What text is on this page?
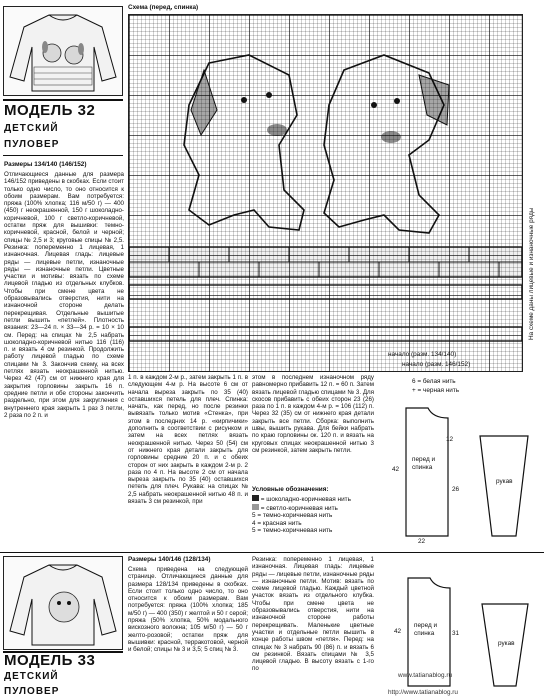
МОДЕЛЬ 32
ДЕТСКИЙ
ПУЛОВЕР
Размеры 134/140 (146/152)
Отличающиеся данные для размера 146/152 приведены в скобках. Если стоит только одно число, то оно относится к обоим размерам. Вам потребуется: пряжа (100% хлопка; 116 м/50 г) — 400 (450) г неокрашенной, 150 г шоколадно-коричневой, 100 г светло-коричневой, остатки пряж для вышивки: темно-коричневой, красной, белой и черной; спицы № 2,5 и 3; круговые спицы № 2,5. Резинка: попеременно 1 лицевая, 1 изнаночная. Лицевая гладь: лицевые ряды — лицевые петли, изнаночные ряды — изнаночные петли. Цветные участки и мотивы: вязать по схеме лицевой гладью из отдельных клубков. Чтобы при смене цвета не образовывались отверстия, нити на изнаночной стороне делать перекрещивая. Отдельные вышитые петли вышить «петлей». Плотность вязания: 23—24 п. × 33—34 р. = 10 × 10 см. Перед: на спицах № 2,5 набрать шоколадно-коричневой нитью 116 (116) п. и вязать 4 см резинкой. Продолжить работу лицевой гладью по схеме спицами № 3. Закончив схему, на всех петлях вязать неокрашенной нитью. Через 42 (47) см от нижнего края для закрытия горловины закрыть 16 п. средние петли и обе стороны закончить раздельно, при этом для закругления с внутреннего края закрыть 1 раз 3 петли, 2 раза по 2 п. и
Схема (перед, спинка)
начало (разм. 134/140)
начало (разм. 146/152)
На схеме даны лицевые и изнаночные ряды
1 п. в каждом 2-м р., затем закрыть 1 п. в следующем 4-м р. На высоте 6 см от начала выреза закрыть по 35 (40) оставшихся петель для плеч. Спинка: начать, как перед, но после резинки вывязать только мотив «Стенка», при этом в последних 14 р. «кирпичики» дополнить в соответствии с рисунком и затем на всех петлях вязать неокрашенной нитью. Через 50 (54) см от нижнего края детали закрыть для горловины средние 20 п. и с обеих сторон от них закрыть в каждом 2-м р. 2 раза по 4 п. На высоте 2 см от начала выреза закрыть по 35 (40) оставшихся петель для плеч. Рукава: на спицах № 2,5 набрать неокрашенной нитью 48 п. и вязать 3 см резинкой, при
этом в последнем изнаночном ряду равномерно прибавить 12 п. = 60 п. Затем вязать лицевой гладью спицами № 3. Для скосов прибавить с обеих сторон 23 (26) раза по 1 п. в каждом 4-м р. = 106 (112) п. Через 32 (35) см от нижнего края детали закрыть все петли. Сборка: выполнить швы, вышить рукава. Для бейки набрать по краю горловины ок. 120 п. и вязать на круговых спицах неокрашенной нитью 3 см резинкой, затем закрыть петли.
Условные обозначения:
= шоколадно-коричневая нить
= светло-коричневая нить
5 = темно-коричневая нить
4 = красная нить
5 = темно-коричневая нить
6 = белая нить
+ = черная нить
перед и спинка
рукав
12
22
42
26
МОДЕЛЬ 33
ДЕТСКИЙ
ПУЛОВЕР
Размеры 140/146 (128/134)
Схема приведена на следующей странице. Отличающиеся данные для размера 128/134 приведены в скобках. Если стоит только одно число, то оно относится к обоим размерам. Вам потребуется: пряжа (100% хлопка; 185 м/50 г) — 400 (350) г желтой и 50 г серой; пряжа (50% хлопка, 50% модального вискозного волокна; 105 м/50 г) — 50 г желто-розовой; остатки пряж для вышивки: красной, терракотовой, черной и белой; спицы № 3 и 3,5; 5 спиц № 3.
Резинка: попеременно 1 лицевая, 1 изнаночная. Лицевая гладь: лицевые ряды — лицевые петли, изнаночные ряды — изнаночные петли. Мотив: вязать по схеме лицевой гладью. Каждый цветной участок вязать из отдельного клубка. Чтобы при смене цвета не образовывались отверстия, нити на изнаночной стороне работы перекрещивать. Маленькие цветные участки и отдельные петли вышить в конце работы швом «петля». Перед: на спицах № 3 набрать 90 (86) п. и вязать 6 см резинкой. Вязать спицами № 3,5 лицевой гладью. В высоту вязать с 1-го по
перед и спинка
рукав
42	31
www.tatianablog.ru
http://www.tatianablog.ru
